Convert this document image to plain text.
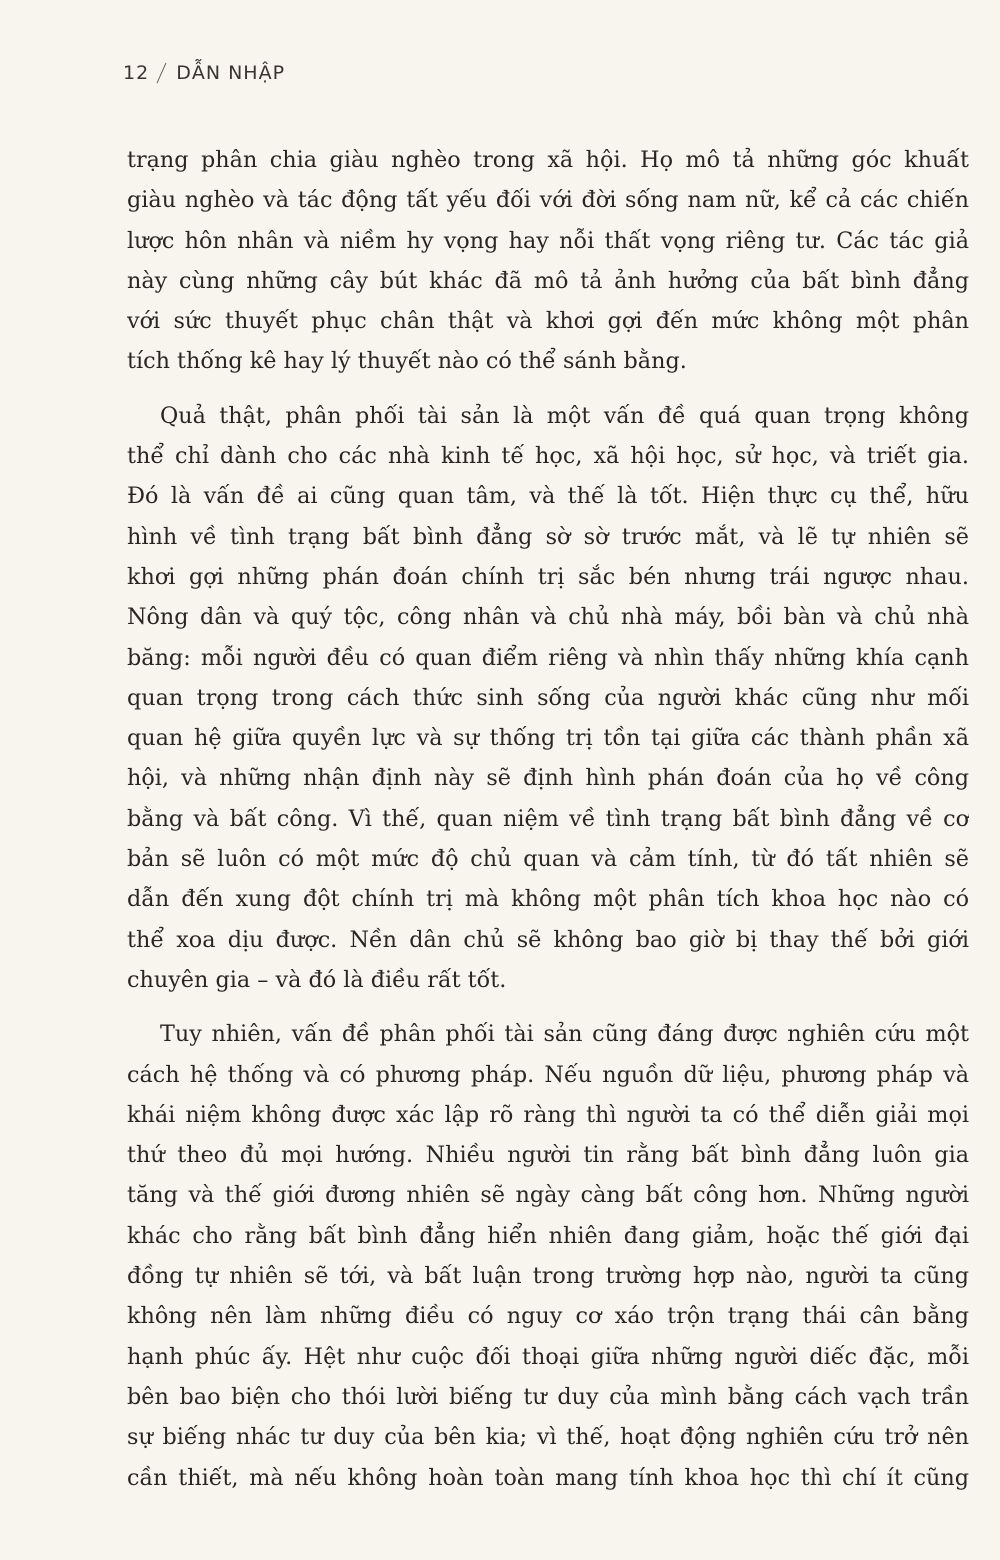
12 DẪN NHẬP

trạng phân chia giàu nghèo trong xã hội. Họ mô tả những góc khuất
giàu nghèo và tác động tất yếu đối với đời sống nam nữ, kể cả các chiến
lược hôn nhân và niềm hy vọng hay nỗi thất vọng riêng tư. Các tác giả
này cùng những cây bút khác đã mô tả ảnh hưởng của bất bình đẳng
với sức thuyết phục chân thật và khơi gợi đến mức không một phân
tích thống kê hay lý thuyết nào có thể sánh bằng.

Quả thật, phân phối tài sản là một vấn đề quá quan trọng không
thể chỉ dành cho các nhà kinh tế học, xã hội học, sử học, và triết gia.
Đó là vấn đề ai cũng quan tâm, và thế là tốt. Hiện thực cụ thể, hữu
hình về tình trạng bất bình đẳng sờ sờ trước mắt, và lẽ tự nhiên sẽ
khơi gợi những phán đoán chính trị sắc bén nhưng trái ngược nhau.
Nông dân và quý tộc, công nhân và chủ nhà máy, bồi bàn và chủ nhà
băng: mỗi người đều có quan điểm riêng và nhìn thấy những khía cạnh
quan trọng trong cách thức sinh sống của người khác cũng như mối
quan hệ giữa quyền lực và sự thống trị tồn tại giữa các thành phần xã
hội, và những nhận định này sẽ định hình phán đoán của họ về công
bằng và bất công. Vì thế, quan niệm về tình trạng bất bình đẳng về cơ
bản sẽ luôn có một mức độ chủ quan và cảm tính, từ đó tất nhiên sẽ
dẫn đến xung đột chính trị mà không một phân tích khoa học nào có
thể xoa dịu được. Nền dân chủ sẽ không bao giờ bị thay thế bởi giới
chuyên gia – và đó là điều rất tốt.

Tuy nhiên, vấn đề phân phối tài sản cũng đáng được nghiên cứu một
cách hệ thống và có phương pháp. Nếu nguồn dữ liệu, phương pháp và
khái niệm không được xác lập rõ ràng thì người ta có thể diễn giải mọi
thứ theo đủ mọi hướng. Nhiều người tin rằng bất bình đẳng luôn gia
tăng và thế giới đương nhiên sẽ ngày càng bất công hơn. Những người
khác cho rằng bất bình đẳng hiển nhiên đang giảm, hoặc thế giới đại
đồng tự nhiên sẽ tới, và bất luận trong trường hợp nào, người ta cũng
không nên làm những điều có nguy cơ xáo trộn trạng thái cân bằng
hạnh phúc ấy. Hệt như cuộc đối thoại giữa những người diếc đặc, mỗi
bên bao biện cho thói lười biếng tư duy của mình bằng cách vạch trần
sự biếng nhác tư duy của bên kia; vì thế, hoạt động nghiên cứu trở nên
cần thiết, mà nếu không hoàn toàn mang tính khoa học thì chí ít cũng
